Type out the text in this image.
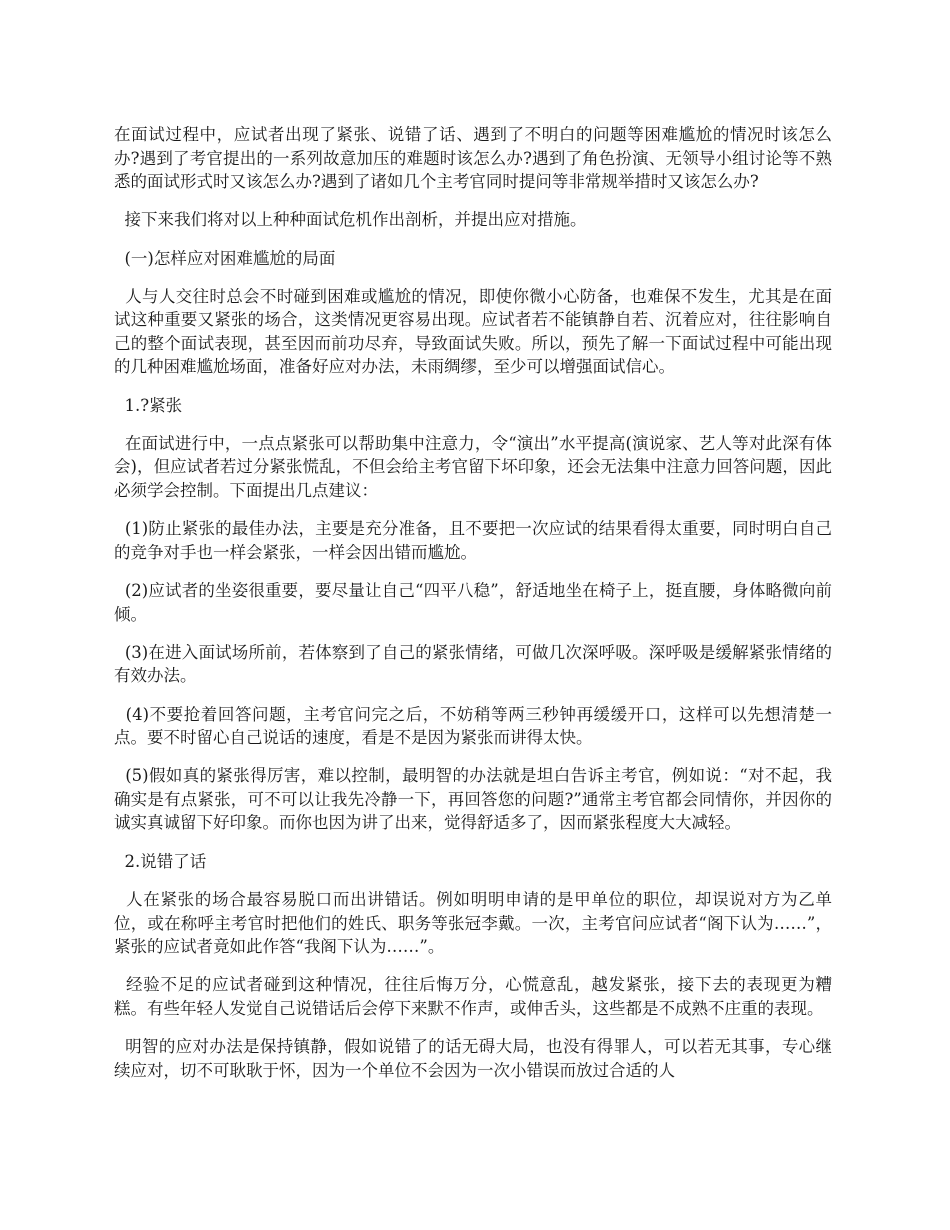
在面试过程中，应试者出现了紧张、说错了话、遇到了不明白的问题等困难尴尬的情况时该怎么办?遇到了考官提出的一系列故意加压的难题时该怎么办?遇到了角色扮演、无领导小组讨论等不熟悉的面试形式时又该怎么办?遇到了诸如几个主考官同时提问等非常规举措时又该怎么办?

接下来我们将对以上种种面试危机作出剖析，并提出应对措施。

(一)怎样应对困难尴尬的局面

人与人交往时总会不时碰到困难或尴尬的情况，即使你微小心防备，也难保不发生，尤其是在面试这种重要又紧张的场合，这类情况更容易出现。应试者若不能镇静自若、沉着应对，往往影响自己的整个面试表现，甚至因而前功尽弃，导致面试失败。所以，预先了解一下面试过程中可能出现的几种困难尴尬场面，准备好应对办法，未雨绸缪，至少可以增强面试信心。

1.?紧张

在面试进行中，一点点紧张可以帮助集中注意力，令“演出”水平提高(演说家、艺人等对此深有体会)，但应试者若过分紧张慌乱，不但会给主考官留下坏印象，还会无法集中注意力回答问题，因此必须学会控制。下面提出几点建议：

(1)防止紧张的最佳办法，主要是充分准备，且不要把一次应试的结果看得太重要，同时明白自己的竞争对手也一样会紧张，一样会因出错而尴尬。

(2)应试者的坐姿很重要，要尽量让自己“四平八稳”，舒适地坐在椅子上，挺直腰，身体略微向前倾。

(3)在进入面试场所前，若体察到了自己的紧张情绪，可做几次深呼吸。深呼吸是缓解紧张情绪的有效办法。

(4)不要抢着回答问题，主考官问完之后，不妨稍等两三秒钟再缓缓开口，这样可以先想清楚一点。要不时留心自己说话的速度，看是不是因为紧张而讲得太快。

(5)假如真的紧张得厉害，难以控制，最明智的办法就是坦白告诉主考官，例如说：“对不起，我确实是有点紧张，可不可以让我先冷静一下，再回答您的问题?”通常主考官都会同情你，并因你的诚实真诚留下好印象。而你也因为讲了出来，觉得舒适多了，因而紧张程度大大减轻。

2.说错了话

人在紧张的场合最容易脱口而出讲错话。例如明明申请的是甲单位的职位，却误说对方为乙单位，或在称呼主考官时把他们的姓氏、职务等张冠李戴。一次，主考官问应试者“阁下认为……”，紧张的应试者竟如此作答“我阁下认为……”。

经验不足的应试者碰到这种情况，往往后悔万分，心慌意乱，越发紧张，接下去的表现更为糟糕。有些年轻人发觉自己说错话后会停下来默不作声，或伸舌头，这些都是不成熟不庄重的表现。

明智的应对办法是保持镇静，假如说错了的话无碍大局，也没有得罪人，可以若无其事，专心继续应对，切不可耿耿于怀，因为一个单位不会因为一次小错误而放过合适的人
